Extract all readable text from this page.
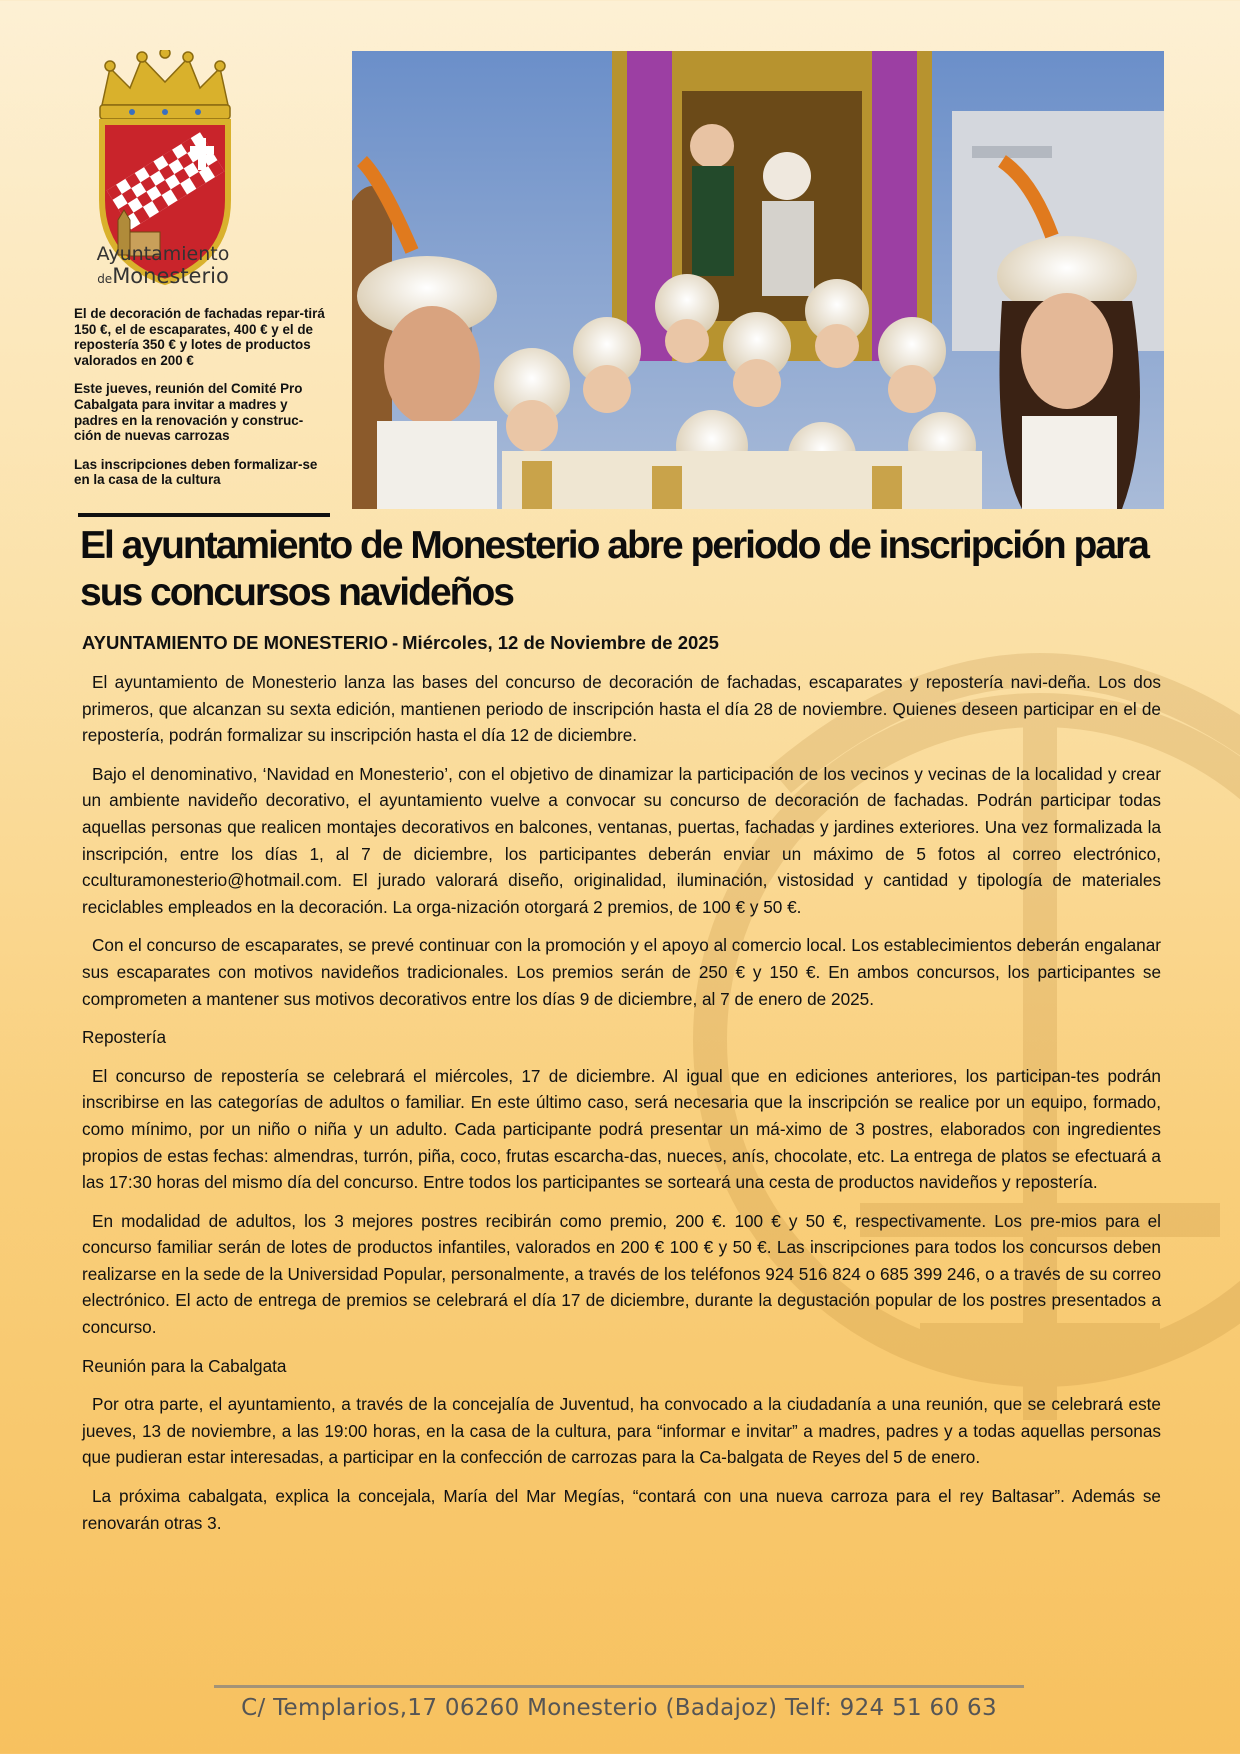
Ayuntamiento
deMonesterio

El de decoración de fachadas repar-tirá 150 €, el de escaparates, 400 € y el de repostería 350 € y lotes de productos valorados en 200 €

Este jueves, reunión del Comité Pro Cabalgata para invitar a madres y padres en la renovación y construc-ción de nuevas carrozas

Las inscripciones deben formalizar-se en la casa de la cultura

El ayuntamiento de Monesterio abre periodo de inscripción para sus concursos navideños

AYUNTAMIENTO DE MONESTERIO - Miércoles, 12 de Noviembre de 2025

El ayuntamiento de Monesterio lanza las bases del concurso de decoración de fachadas, escaparates y repostería navi-deña. Los dos primeros, que alcanzan su sexta edición, mantienen periodo de inscripción hasta el día 28 de noviembre. Quienes deseen participar en el de repostería, podrán formalizar su inscripción hasta el día 12 de diciembre.

Bajo el denominativo, ‘Navidad en Monesterio’, con el objetivo de dinamizar la participación de los vecinos y vecinas de la localidad y crear un ambiente navideño decorativo, el ayuntamiento vuelve a convocar su concurso de decoración de fachadas. Podrán participar todas aquellas personas que realicen montajes decorativos en balcones, ventanas, puertas, fachadas y jardines exteriores. Una vez formalizada la inscripción, entre los días 1, al 7 de diciembre, los participantes deberán enviar un máximo de 5 fotos al correo electrónico, cculturamonesterio@hotmail.com. El jurado valorará diseño, originalidad, iluminación, vistosidad y cantidad y tipología de materiales reciclables empleados en la decoración. La orga-nización otorgará 2 premios, de 100 € y 50 €.

Con el concurso de escaparates, se prevé continuar con la promoción y el apoyo al comercio local. Los establecimientos deberán engalanar sus escaparates con motivos navideños tradicionales. Los premios serán de 250 € y 150 €. En ambos concursos, los participantes se comprometen a mantener sus motivos decorativos entre los días 9 de diciembre, al 7 de enero de 2025.

Repostería

El concurso de repostería se celebrará el miércoles, 17 de diciembre. Al igual que en ediciones anteriores, los participan-tes podrán inscribirse en las categorías de adultos o familiar. En este último caso, será necesaria que la inscripción se realice por un equipo, formado, como mínimo, por un niño o niña y un adulto. Cada participante podrá presentar un má-ximo de 3 postres, elaborados con ingredientes propios de estas fechas: almendras, turrón, piña, coco, frutas escarcha-das, nueces, anís, chocolate, etc. La entrega de platos se efectuará a las 17:30 horas del mismo día del concurso. Entre todos los participantes se sorteará una cesta de productos navideños y repostería.

En modalidad de adultos, los 3 mejores postres recibirán como premio, 200 €. 100 € y 50 €, respectivamente. Los pre-mios para el concurso familiar serán de lotes de productos infantiles, valorados en 200 € 100 € y 50 €. Las inscripciones para todos los concursos deben realizarse en la sede de la Universidad Popular, personalmente, a través de los teléfonos 924 516 824 o 685 399 246, o a través de su correo electrónico. El acto de entrega de premios se celebrará el día 17 de diciembre, durante la degustación popular de los postres presentados a concurso.

Reunión para la Cabalgata

Por otra parte, el ayuntamiento, a través de la concejalía de Juventud, ha convocado a la ciudadanía a una reunión, que se celebrará este jueves, 13 de noviembre, a las 19:00 horas, en la casa de la cultura, para “informar e invitar” a madres, padres y a todas aquellas personas que pudieran estar interesadas, a participar en la confección de carrozas para la Ca-balgata de Reyes del 5 de enero.

La próxima cabalgata, explica la concejala, María del Mar Megías, “contará con una nueva carroza para el rey Baltasar”. Además se renovarán otras 3.

C/ Templarios,17 06260 Monesterio (Badajoz) Telf: 924 51 60 63
